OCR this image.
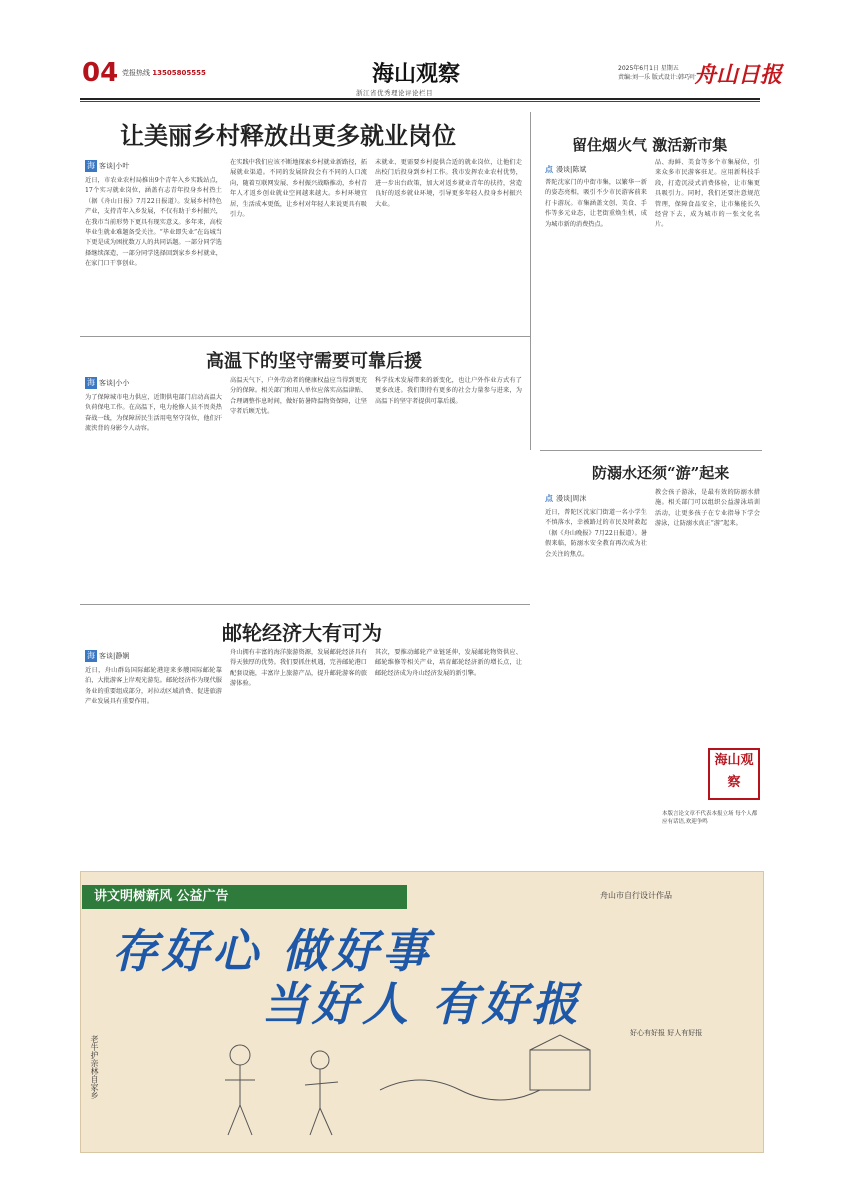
04 党报热线 13505805555	海山观察
浙江省优秀理论评论栏目
2025年6月1日 星期五
责编:刘一乐 版式设计:韩巧叶
舟山日报
让美丽乡村释放出更多就业岗位
海 客谈|小叶
近日，市农业农村局推出9个青年入乡实践站点，17个实习就业岗位，涵盖有志青年投身乡村热土（据《舟山日报》7月22日报道）。发展乡村特色产业，支持青年入乡发展，不仅有助于乡村振兴，在我市当前形势下更具有现实意义。多年来，高校毕业生就业难题备受关注。“毕业即失业”在岛城当下更是成为困扰数万人的共同话题。一部分同学选择继续深造，一部分同学选择回到家乡乡村就业，在家门口干事创业。
在实践中我们应该不断地探索乡村就业新路径，拓展就业渠道。不同的发展阶段会有不同的人口流向，随着互联网发展、乡村振兴战略推动，乡村青年人才返乡创业就业空间越来越大。乡村环境宜居，生活成本更低，让乡村对年轻人来说更具有吸引力。
未就业、更需要乡村提供合适的就业岗位，让他们走出校门后投身到乡村工作。我市发挥农业农村优势，进一步出台政策，加大对返乡就业青年的扶持，营造良好的返乡就业环境，引导更多年轻人投身乡村振兴大业。
留住烟火气 激活新市集
点 漫谈|陈斌
普陀沈家门的中街市集，以繁华一新的姿态亮相，吸引不少市民游客前来打卡游玩。市集涵盖文创、美食、手作等多元业态，让老街重焕生机，成为城市新的消费热点。
品、海鲜、美食等多个市集展位，引来众多市民游客驻足。应用新科技手段，打造沉浸式消费体验，让市集更具吸引力。同时，我们还要注意规范管理，保障食品安全，让市集能长久经营下去，成为城市的一张文化名片。
高温下的坚守需要可靠后援
海 客谈|小小
为了保障城市电力供应，近期供电部门启动高温大负荷保电工作。在高温下，电力抢修人员不畏炎热奋战一线，为保障居民生活用电坚守岗位，他们汗流浃背的身影令人动容。
高温天气下，户外劳动者的健康权益应当得到更充分的保障。相关部门和用人单位应落实高温津贴、合理调整作息时间，做好防暑降温物资保障，让坚守者后顾无忧。
科学技术发展带来的新变化，也让户外作业方式有了更多改进。我们期待有更多的社会力量参与进来，为高温下的坚守者提供可靠后援。
防溺水还须“游”起来
点 漫谈|周沫
近日，普陀区沈家门街道一名小学生不慎落水，幸被路过的市民及时救起（据《舟山晚报》7月22日报道）。暑假来临，防溺水安全教育再次成为社会关注的焦点。
教会孩子游泳，是最有效的防溺水措施。相关部门可以组织公益游泳培训活动，让更多孩子在专业指导下学会游泳，让防溺水真正“游”起来。
海山观察
本版言论文章不代表本报立场 每个人都应有话语,欢迎争鸣
邮轮经济大有可为
海 客谈|静娴
近日，舟山群岛国际邮轮港迎来多艘国际邮轮靠泊，大批游客上岸观光游览。邮轮经济作为现代服务业的重要组成部分，对拉动区域消费、促进旅游产业发展具有重要作用。
舟山拥有丰富的海洋旅游资源，发展邮轮经济具有得天独厚的优势。我们要抓住机遇，完善邮轮港口配套设施，丰富岸上旅游产品，提升邮轮游客的旅游体验。
其次，要推动邮轮产业链延伸，发展邮轮物资供应、邮轮维修等相关产业，培育邮轮经济新的增长点，让邮轮经济成为舟山经济发展的新引擎。
讲文明树新风 公益广告	舟山市自行设计作品
存好心 做好事
当好人 有好报
老牛护亲林自家乡
好心有好报 好人有好报
